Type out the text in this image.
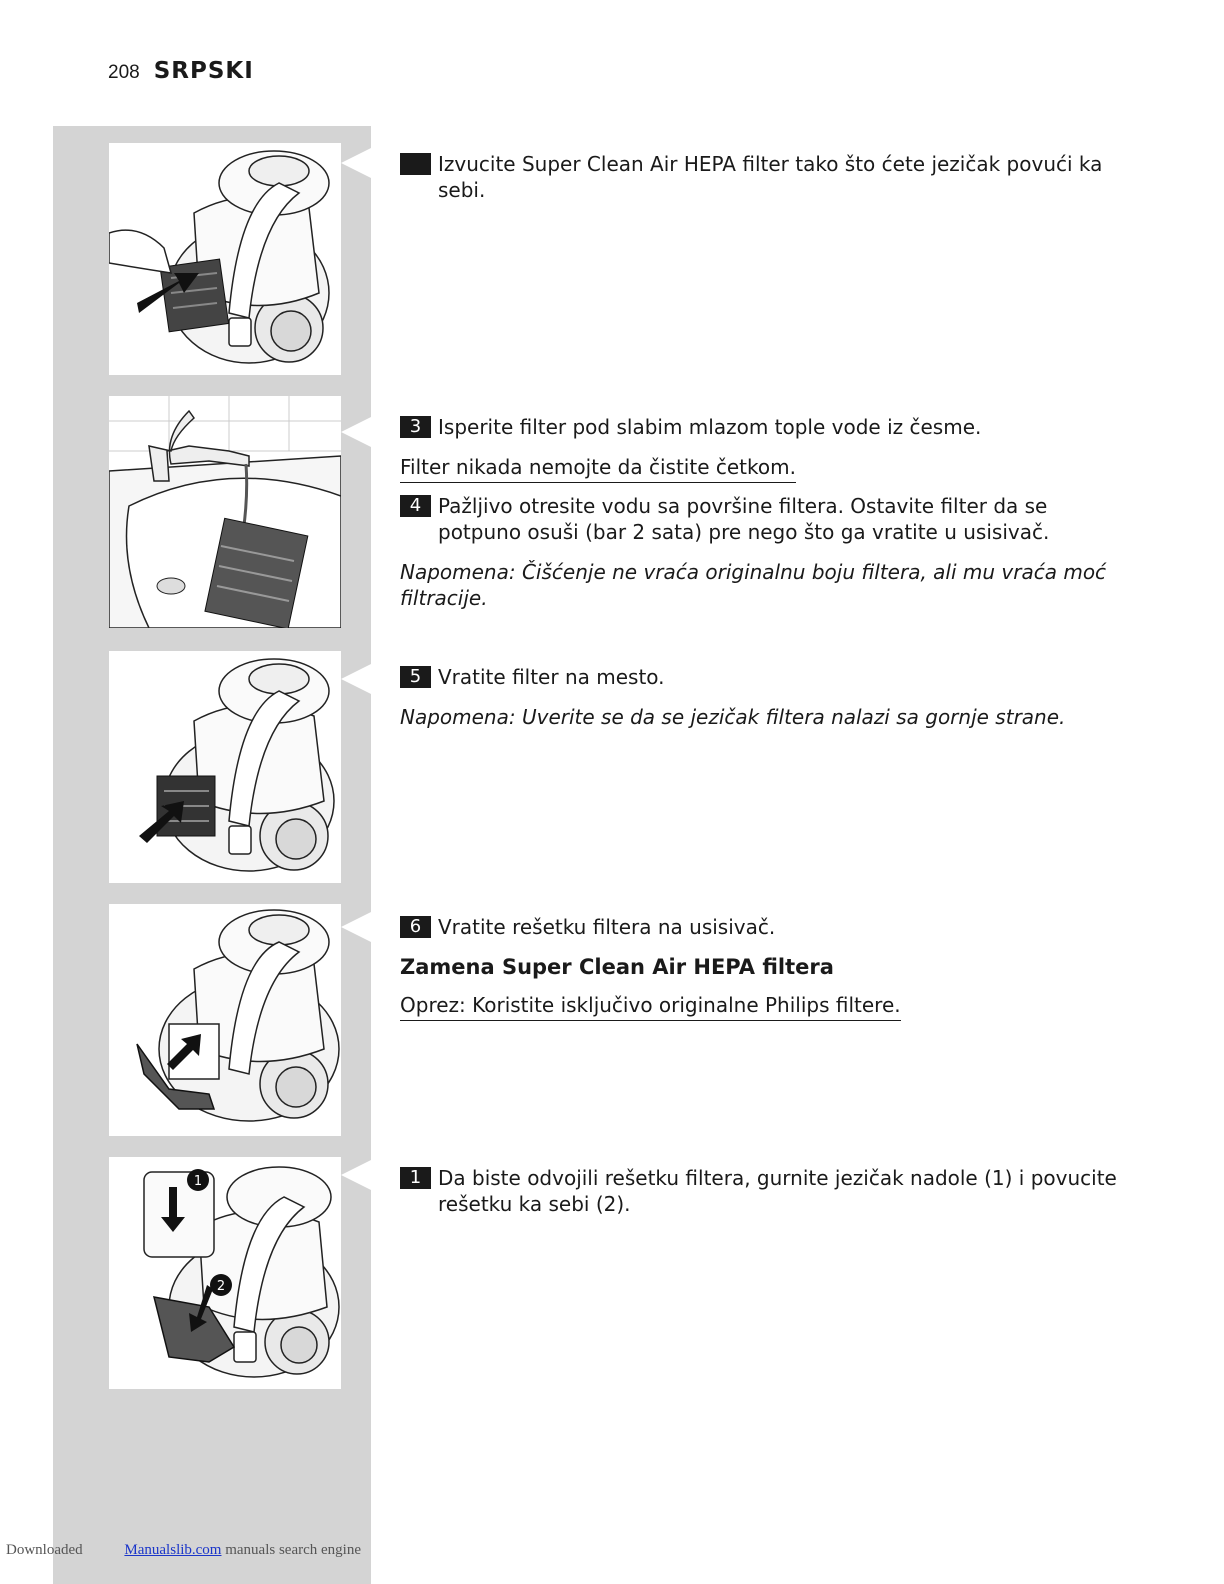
208 SRPSKI
1
2
Izvucite Super Clean Air HEPA filter tako što ćete jezičak povući ka sebi.
3 Isperite filter pod slabim mlazom tople vode iz česme.
Filter nikada nemojte da čistite četkom.
4 Pažljivo otresite vodu sa površine filtera. Ostavite filter da se potpuno osuši (bar 2 sata) pre nego što ga vratite u usisivač.
Napomena: Čišćenje ne vraća originalnu boju filtera, ali mu vraća moć filtracije.
5 Vratite filter na mesto.
Napomena: Uverite se da se jezičak filtera nalazi sa gornje strane.
6 Vratite rešetku filtera na usisivač.
Zamena Super Clean Air HEPA filtera
Oprez: Koristite isključivo originalne Philips filtere.
1 Da biste odvojili rešetku filtera, gurnite jezičak nadole (1) i povucite rešetku ka sebi (2).
Downloaded	Manualslib.com manuals search engine
